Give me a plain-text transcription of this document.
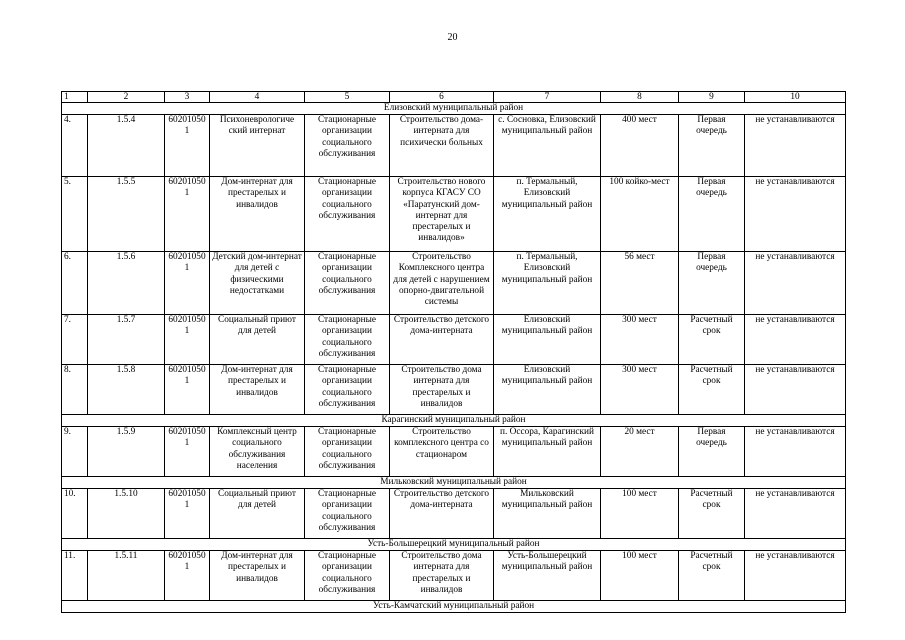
20
1	2	3	4	5	6	7	8	9	10
Елизовский муниципальный район									
4.	1.5.4	60201050 1	Психоневрологиче ский интернат	Стационарные организации социального обслуживания	Строительство дома-интерната для психически больных	с. Сосновка, Елизовский муниципальный район	400 мест	Первая очередь	не устанавливаются
5.	1.5.5	60201050 1	Дом-интернат для престарелых и инвалидов	Стационарные организации социального обслуживания	Строительство нового корпуса КГАСУ СО «Паратунский дом-интернат для престарелых и инвалидов»	п. Термальный, Елизовский муниципальный район	100 койко-мест	Первая очередь	не устанавливаются
6.	1.5.6	60201050 1	Детский дом-интернат для детей с физическими недостатками	Стационарные организации социального обслуживания	Строительство Комплексного центра для детей с нарушением опорно-двигательной системы	п. Термальный, Елизовский муниципальный район	56 мест	Первая очередь	не устанавливаются
7.	1.5.7	60201050 1	Социальный приют для детей	Стационарные организации социального обслуживания	Строительство детского дома-интерната	Елизовский муниципальный район	300 мест	Расчетный срок	не устанавливаются
8.	1.5.8	60201050 1	Дом-интернат для престарелых и инвалидов	Стационарные организации социального обслуживания	Строительство дома интерната для престарелых и инвалидов	Елизовский муниципальный район	300 мест	Расчетный срок	не устанавливаются
Карагинский муниципальный район									
9.	1.5.9	60201050 1	Комплексный центр социального обслуживания населения	Стационарные организации социального обслуживания	Строительство комплексного центра со стационаром	п. Оссора, Карагинский муниципальный район	20 мест	Первая очередь	не устанавливаются
Мильковский муниципальный район									
10.	1.5.10	60201050 1	Социальный приют для детей	Стационарные организации социального обслуживания	Строительство детского дома-интерната	Мильковский муниципальный район	100 мест	Расчетный срок	не устанавливаются
Усть-Большерецкий муниципальный район									
11.	1.5.11	60201050 1	Дом-интернат для престарелых и инвалидов	Стационарные организации социального обслуживания	Строительство дома интерната для престарелых и инвалидов	Усть-Большерецкий муниципальный район	100 мест	Расчетный срок	не устанавливаются
Усть-Камчатский муниципальный район									
